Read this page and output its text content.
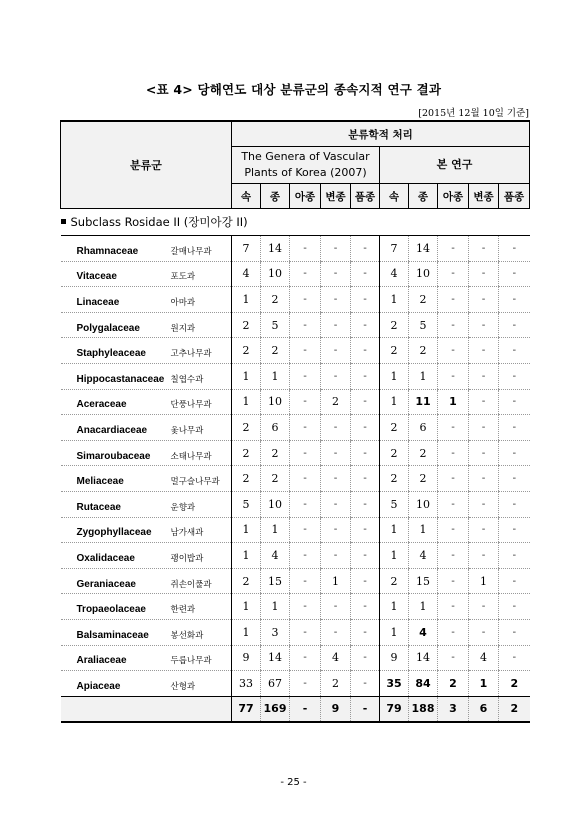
<표 4> 당해연도 대상 분류군의 종속지적 연구 결과
[2015년 12월 10일 기준]
분류군	분류학적 처리									
	The Genera of Vascular Plants of Korea (2007)					본 연구				
	속	종	아종	변종	품종	속	종	아종	변종	품종
Subclass Rosidae II (장미아강 II)										
Rhamnaceae 갈매나무과	7	14	-	-	-	7	14	-	-	-
Vitaceae 포도과	4	10	-	-	-	4	10	-	-	-
Linaceae 아마과	1	2	-	-	-	1	2	-	-	-
Polygalaceae 원지과	2	5	-	-	-	2	5	-	-	-
Staphyleaceae 고추나무과	2	2	-	-	-	2	2	-	-	-
Hippocastanaceae 칠엽수과	1	1	-	-	-	1	1	-	-	-
Aceraceae 단풍나무과	1	10	-	2	-	1	11	1	-	-
Anacardiaceae 옻나무과	2	6	-	-	-	2	6	-	-	-
Simaroubaceae 소태나무과	2	2	-	-	-	2	2	-	-	-
Meliaceae 멀구슬나무과	2	2	-	-	-	2	2	-	-	-
Rutaceae 운향과	5	10	-	-	-	5	10	-	-	-
Zygophyllaceae 남가새과	1	1	-	-	-	1	1	-	-	-
Oxalidaceae 괭이밥과	1	4	-	-	-	1	4	-	-	-
Geraniaceae 쥐손이풀과	2	15	-	1	-	2	15	-	1	-
Tropaeolaceae 한련과	1	1	-	-	-	1	1	-	-	-
Balsaminaceae 봉선화과	1	3	-	-	-	1	4	-	-	-
Araliaceae 두릅나무과	9	14	-	4	-	9	14	-	4	-
Apiaceae 산형과	33	67	-	2	-	35	84	2	1	2
	77	169	-	9	-	79	188	3	6	2
- 25 -
